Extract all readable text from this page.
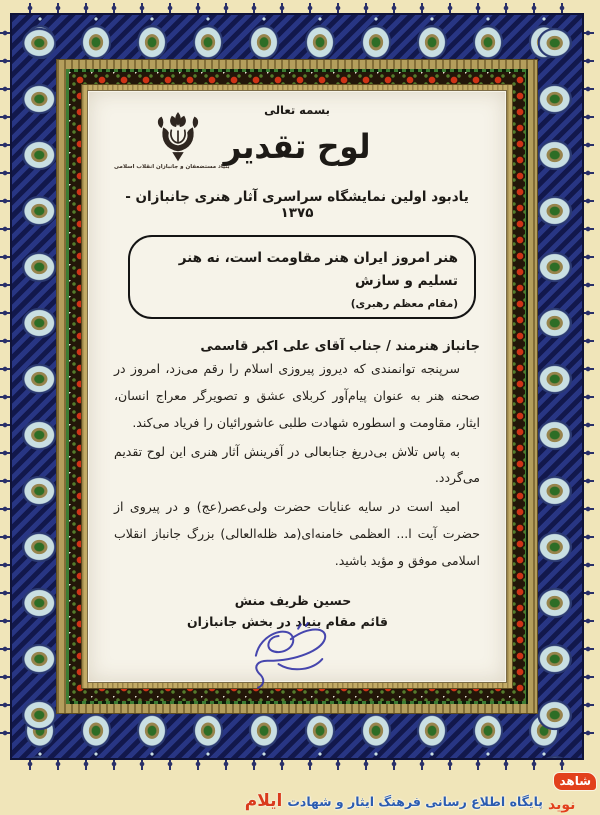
بسمه تعالی
بنیاد مستضعفان و جانبازان انقلاب اسلامی
لوح تقدیر
یادبود اولین نمایشگاه سراسری آثار هنری جانبازان - ۱۳۷۵
هنر امروز ایران هنر مقاومت است، نه هنر تسلیم و سازش
(مقام معظم رهبری)
جانباز هنرمند / جناب آقای علی اکبر قاسمی

سرپنجه توانمندی که دیروز پیروزی اسلام را رقم می‌زد، امروز در صحنه هنر به عنوان پیام‌آور کربلای عشق و تصویرگر معراج انسان، ایثار، مقاومت و اسطوره شهادت طلبی عاشورائیان را فریاد می‌کند.

به پاس تلاش بی‌دریغ جنابعالی در آفرینش آثار هنری این لوح تقدیم می‌گردد.

امید است در سایه عنایات حضرت ولی‌عصر(عج) و در پیروی از حضرت آیت ا... العظمی خامنه‌ای(مد ظله‌العالی) بزرگ جانباز انقلاب اسلامی موفق و مؤید باشید.

حسین ظریف منش
قائم مقام بنیاد در بخش جانبازان
شاهد
نوید
پایگاه اطلاع رسانی فرهنگ ایثار و شهادت
ایلام
